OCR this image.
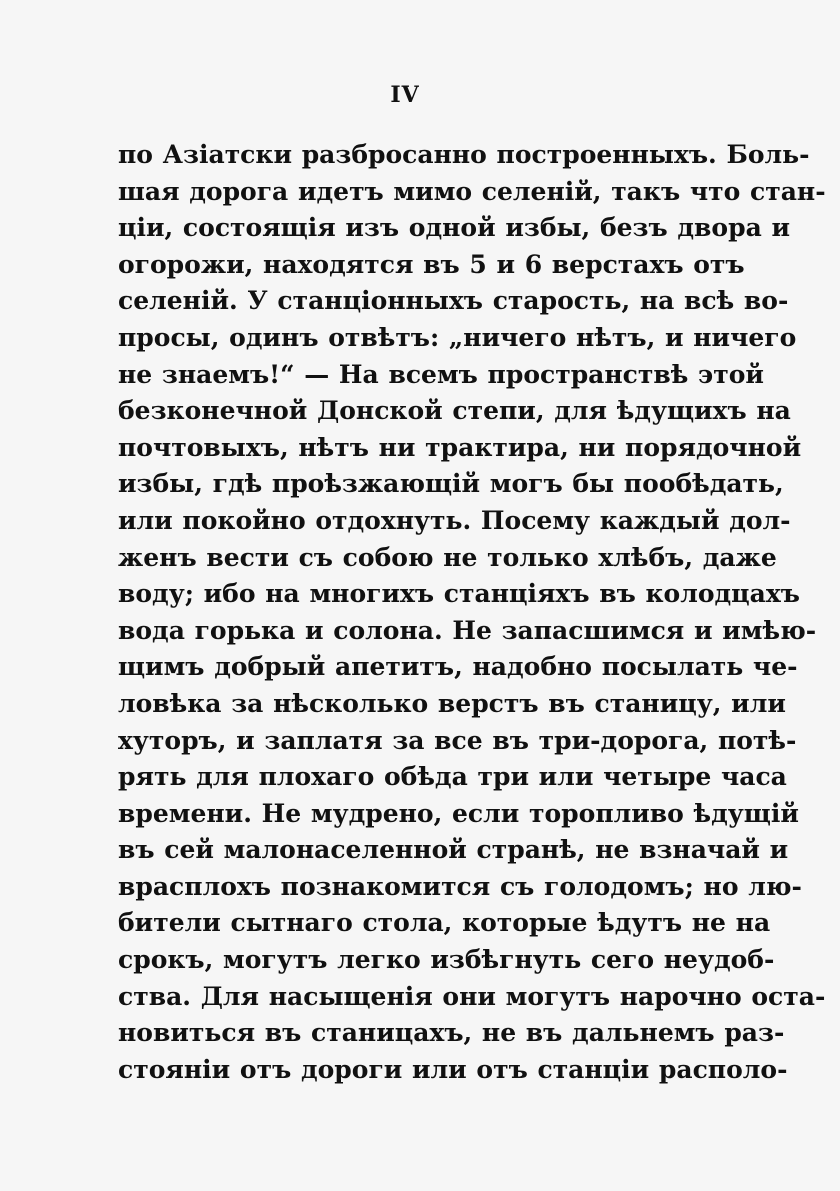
IV
по Азіатски разбросанно построенныхъ. Боль-
шая дорога идетъ мимо селеній, такъ что стан-
ціи, состоящія изъ одной избы, безъ двора и
огорожи, находятся въ 5 и 6 верстахъ отъ
селеній. У станціонныхъ старость, на всѣ во-
просы, одинъ отвѣтъ: „ничего нѣтъ, и ничего
не знаемъ!“ — На всемъ пространствѣ этой
безконечной Донской степи, для ѣдущихъ на
почтовыхъ, нѣтъ ни трактира, ни порядочной
избы, гдѣ проѣзжающій могъ бы пообѣдать,
или покойно отдохнуть. Посему каждый дол-
женъ вести съ собою не только хлѣбъ, даже
воду; ибо на многихъ станціяхъ въ колодцахъ
вода горька и солона. Не запасшимся и имѣю-
щимъ добрый апетитъ, надобно посылать че-
ловѣка за нѣсколько верстъ въ станицу, или
хуторъ, и заплатя за все въ три-дорога, потѣ-
рять для плохаго обѣда три или четыре часа
времени. Не мудрено, если торопливо ѣдущій
въ сей малонаселенной странѣ, не взначай и
врасплохъ познакомится съ голодомъ; но лю-
бители сытнаго стола, которые ѣдутъ не на
срокъ, могутъ легко избѣгнуть сего неудоб-
ства. Для насыщенія они могутъ нарочно оста-
новиться въ станицахъ, не въ дальнемъ раз-
стояніи отъ дороги или отъ станціи располо-
